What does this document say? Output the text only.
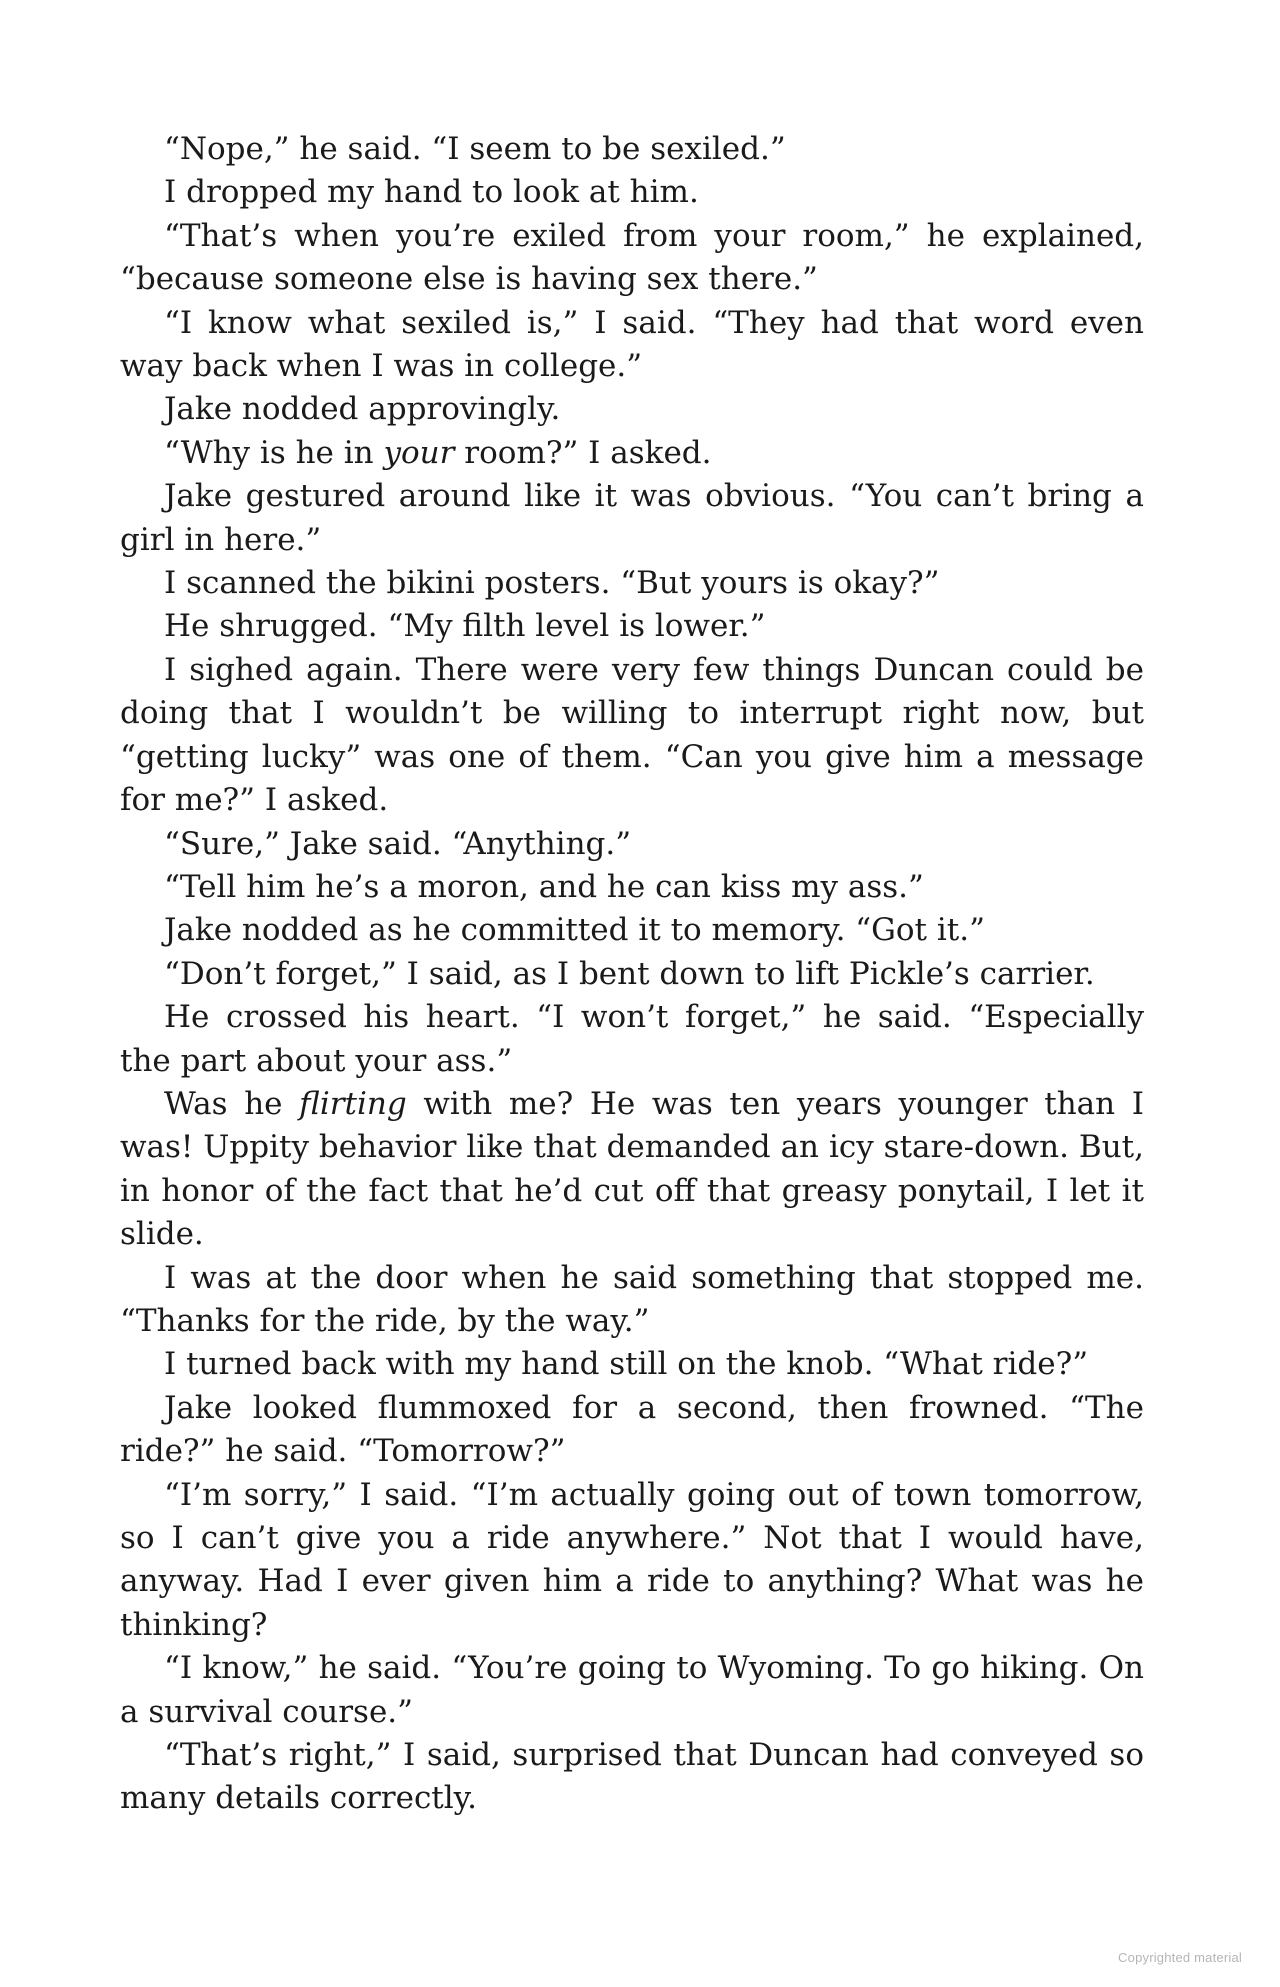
“Nope,” he said. “I seem to be sexiled.”

I dropped my hand to look at him.

“That’s when you’re exiled from your room,” he explained, “because someone else is having sex there.”

“I know what sexiled is,” I said. “They had that word even way back when I was in college.”

Jake nodded approvingly.

“Why is he in your room?” I asked.

Jake gestured around like it was obvious. “You can’t bring a girl in here.”

I scanned the bikini posters. “But yours is okay?”

He shrugged. “My filth level is lower.”

I sighed again. There were very few things Duncan could be doing that I wouldn’t be willing to interrupt right now, but “getting lucky” was one of them. “Can you give him a message for me?” I asked.

“Sure,” Jake said. “Anything.”

“Tell him he’s a moron, and he can kiss my ass.”

Jake nodded as he committed it to memory. “Got it.”

“Don’t forget,” I said, as I bent down to lift Pickle’s carrier.

He crossed his heart. “I won’t forget,” he said. “Especially the part about your ass.”

Was he flirting with me? He was ten years younger than I was! Uppity behavior like that demanded an icy stare-down. But, in honor of the fact that he’d cut off that greasy ponytail, I let it slide.

I was at the door when he said something that stopped me. “Thanks for the ride, by the way.”

I turned back with my hand still on the knob. “What ride?”

Jake looked flummoxed for a second, then frowned. “The ride?” he said. “Tomorrow?”

“I’m sorry,” I said. “I’m actually going out of town tomorrow, so I can’t give you a ride anywhere.” Not that I would have, anyway. Had I ever given him a ride to anything? What was he thinking?

“I know,” he said. “You’re going to Wyoming. To go hiking. On a survival course.”

“That’s right,” I said, surprised that Duncan had conveyed so many details correctly.

Copyrighted material
